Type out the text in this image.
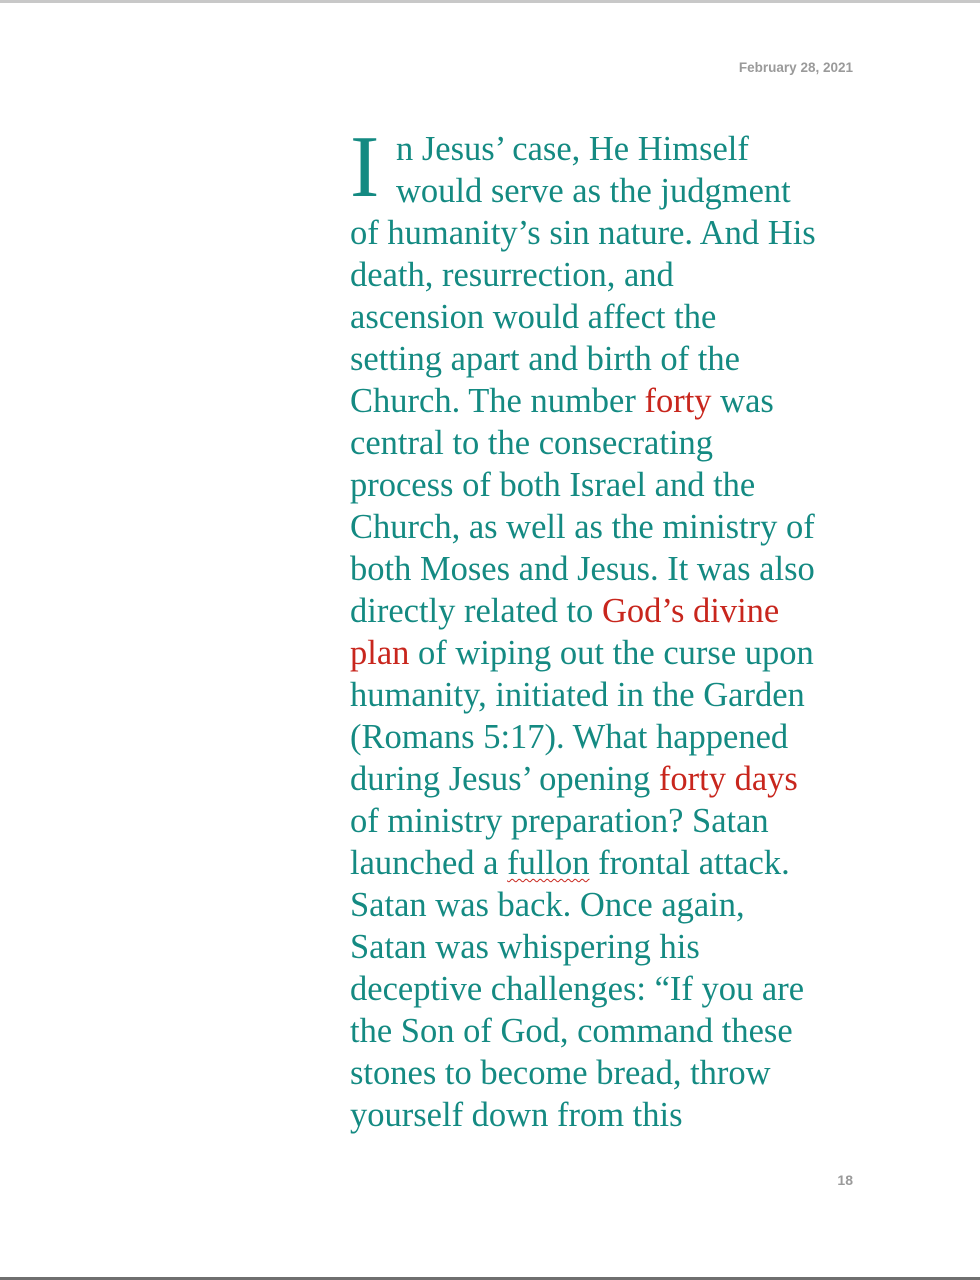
February 28, 2021
I n Jesus’ case, He Himself
would serve as the judgment
of humanity’s sin nature. And His
death, resurrection, and
ascension would affect the
setting apart and birth of the
Church. The number forty was
central to the consecrating
process of both Israel and the
Church, as well as the ministry of
both Moses and Jesus. It was also
directly related to God’s divine
plan of wiping out the curse upon
humanity, initiated in the Garden
(Romans 5:17). What happened
during Jesus’ opening forty days
of ministry preparation? Satan
launched a fullon frontal attack.
Satan was back. Once again,
Satan was whispering his
deceptive challenges: “If you are
the Son of God, command these
stones to become bread, throw
yourself down from this
18
